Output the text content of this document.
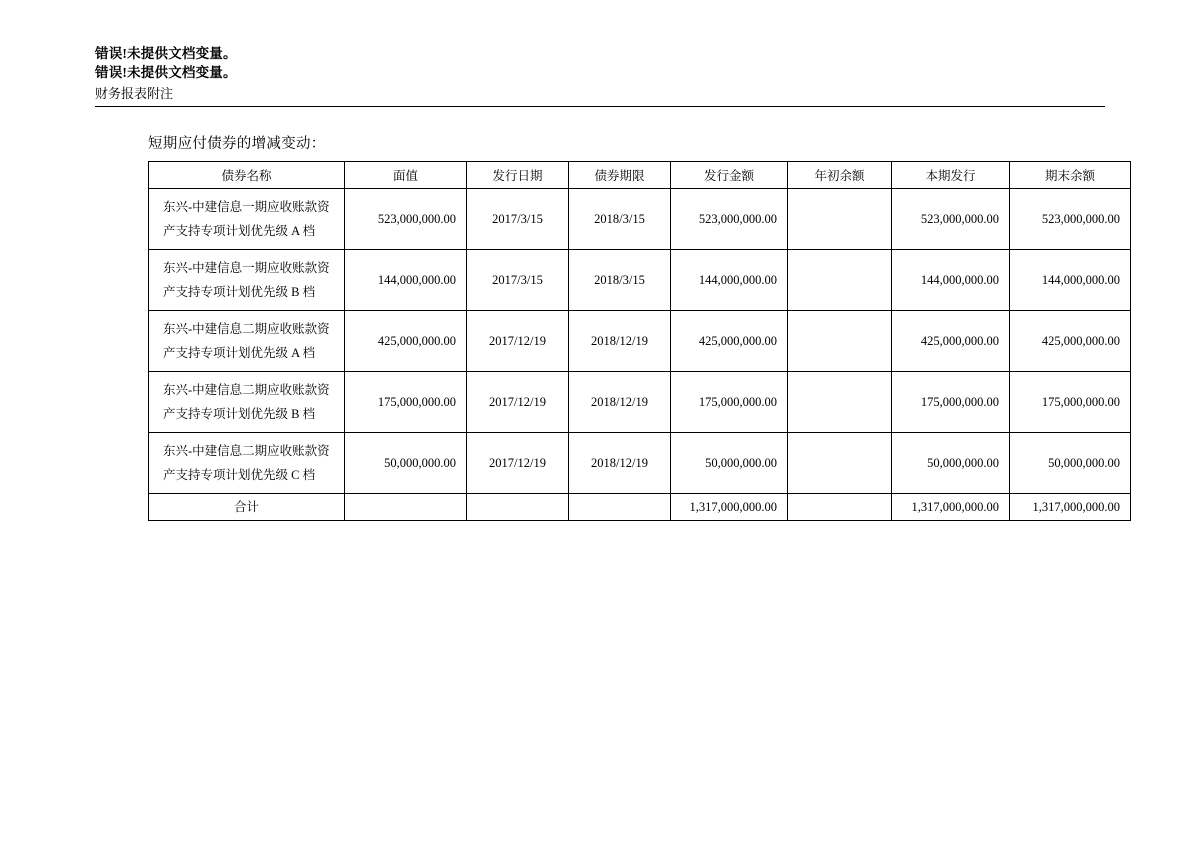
错误!未提供文档变量。
错误!未提供文档变量。
财务报表附注
短期应付债券的增减变动：
债券名称	面值	发行日期	债券期限	发行金额	年初余额	本期发行	期末余额
东兴-中建信息一期应收账款资产支持专项计划优先级 A 档	523,000,000.00	2017/3/15	2018/3/15	523,000,000.00		523,000,000.00	523,000,000.00
东兴-中建信息一期应收账款资产支持专项计划优先级 B 档	144,000,000.00	2017/3/15	2018/3/15	144,000,000.00		144,000,000.00	144,000,000.00
东兴-中建信息二期应收账款资产支持专项计划优先级 A 档	425,000,000.00	2017/12/19	2018/12/19	425,000,000.00		425,000,000.00	425,000,000.00
东兴-中建信息二期应收账款资产支持专项计划优先级 B 档	175,000,000.00	2017/12/19	2018/12/19	175,000,000.00		175,000,000.00	175,000,000.00
东兴-中建信息二期应收账款资产支持专项计划优先级 C 档	50,000,000.00	2017/12/19	2018/12/19	50,000,000.00		50,000,000.00	50,000,000.00
合计				1,317,000,000.00		1,317,000,000.00	1,317,000,000.00
